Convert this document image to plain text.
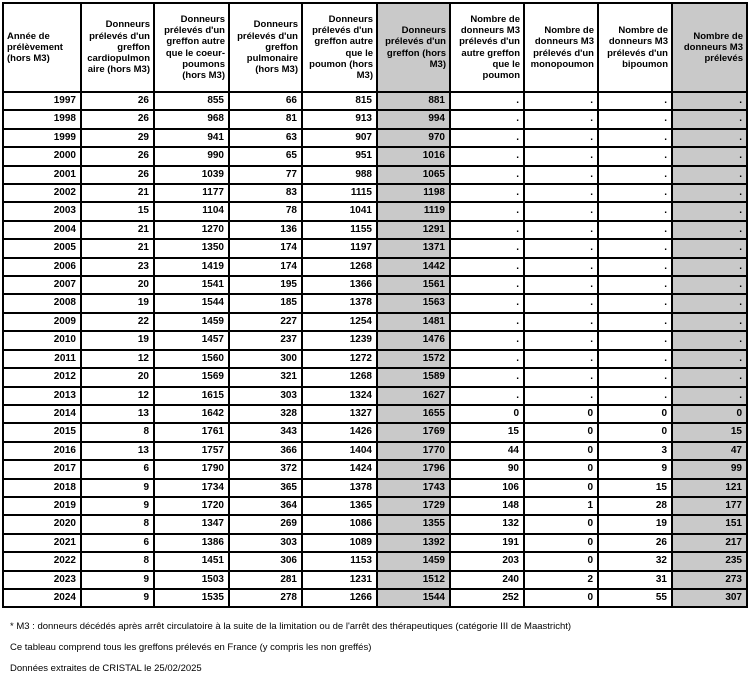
Année de prélèvement (hors M3)	Donneurs prélevés d'un greffon cardiopulmonaire (hors M3)	Donneurs prélevés d'un greffon autre que le coeur-poumons (hors M3)	Donneurs prélevés d'un greffon pulmonaire (hors M3)	Donneurs prélevés d'un greffon autre que le poumon (hors M3)	Donneurs prélevés d'un greffon (hors M3)	Nombre de donneurs M3 prélevés d'un autre greffon que le poumon	Nombre de donneurs M3 prélevés d'un monopoumon	Nombre de donneurs M3 prélevés d'un bipoumon	Nombre de donneurs M3 prélevés
1997	26	855	66	815	881	.	.	.	.
1998	26	968	81	913	994	.	.	.	.
1999	29	941	63	907	970	.	.	.	.
2000	26	990	65	951	1016	.	.	.	.
2001	26	1039	77	988	1065	.	.	.	.
2002	21	1177	83	1115	1198	.	.	.	.
2003	15	1104	78	1041	1119	.	.	.	.
2004	21	1270	136	1155	1291	.	.	.	.
2005	21	1350	174	1197	1371	.	.	.	.
2006	23	1419	174	1268	1442	.	.	.	.
2007	20	1541	195	1366	1561	.	.	.	.
2008	19	1544	185	1378	1563	.	.	.	.
2009	22	1459	227	1254	1481	.	.	.	.
2010	19	1457	237	1239	1476	.	.	.	.
2011	12	1560	300	1272	1572	.	.	.	.
2012	20	1569	321	1268	1589	.	.	.	.
2013	12	1615	303	1324	1627	.	.	.	.
2014	13	1642	328	1327	1655	0	0	0	0
2015	8	1761	343	1426	1769	15	0	0	15
2016	13	1757	366	1404	1770	44	0	3	47
2017	6	1790	372	1424	1796	90	0	9	99
2018	9	1734	365	1378	1743	106	0	15	121
2019	9	1720	364	1365	1729	148	1	28	177
2020	8	1347	269	1086	1355	132	0	19	151
2021	6	1386	303	1089	1392	191	0	26	217
2022	8	1451	306	1153	1459	203	0	32	235
2023	9	1503	281	1231	1512	240	2	31	273
2024	9	1535	278	1266	1544	252	0	55	307

* M3 : donneurs décédés après arrêt circulatoire à la suite de la limitation ou de l'arrêt des thérapeutiques (catégorie III de Maastricht)

Ce tableau comprend tous les greffons prélevés en France (y compris les non greffés)

Données extraites de CRISTAL le 25/02/2025
